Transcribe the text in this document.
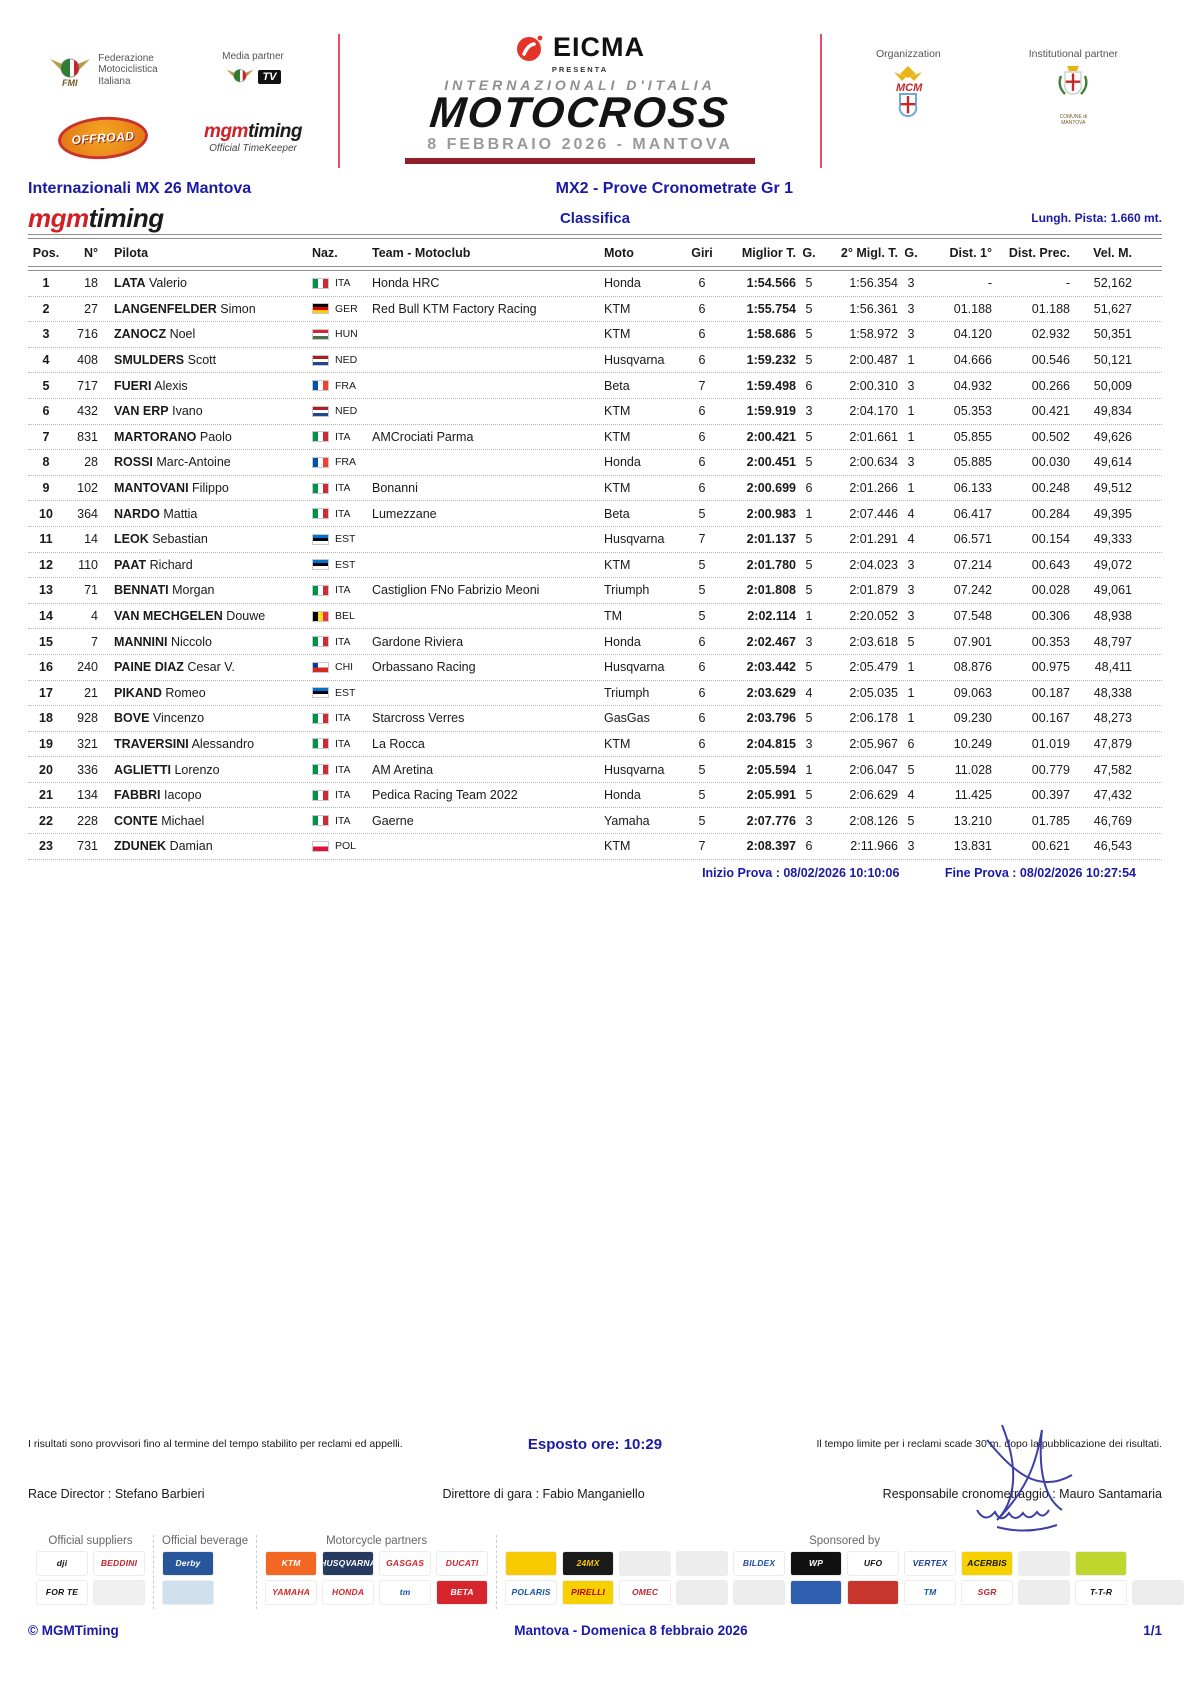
FMI
Federazione
Motociclistica
Italiana
Media partner
TV
OFFROAD	mgmtiming
Official TimeKeeper
EICMA
PRESENTA
INTERNAZIONALI D'ITALIA
MOTOCROSS
8 FEBBRAIO 2026 - MANTOVA
Organizzation
MCM
Institutional partner
COMUNE di
MANTOVA
Internazionali MX 26 Mantova	MX2 - Prove Cronometrate Gr 1
mgmtiming	Classifica	Lungh. Pista: 1.660 mt.
Pos.	N°	Pilota	Naz.	Team - Motoclub	Moto	Giri	Miglior T. G.	2° Migl. T. G.	Dist. 1°	Dist. Prec.	Vel. M.
1	18	LATA Valerio	ITA Honda HRC	Honda	6	1:54.566 5	1:56.354 3	-	-	52,162
2	27	LANGENFELDER Simon	GER Red Bull KTM Factory Racing	KTM	6	1:55.754 5	1:56.361 3	01.188	01.188	51,627
3	716	ZANOCZ Noel	HUN	KTM	6	1:58.686 5	1:58.972 3	04.120	02.932	50,351
4	408	SMULDERS Scott	NED	Husqvarna	6	1:59.232 5	2:00.487 1	04.666	00.546	50,121
5	717	FUERI Alexis	FRA	Beta	7	1:59.498 6	2:00.310 3	04.932	00.266	50,009
6	432	VAN ERP Ivano	NED	KTM	6	1:59.919 3	2:04.170 1	05.353	00.421	49,834
7	831	MARTORANO Paolo	ITA AMCrociati Parma	KTM	6	2:00.421 5	2:01.661 1	05.855	00.502	49,626
8	28	ROSSI Marc-Antoine	FRA	Honda	6	2:00.451 5	2:00.634 3	05.885	00.030	49,614
9	102	MANTOVANI Filippo	ITA Bonanni	KTM	6	2:00.699 6	2:01.266 1	06.133	00.248	49,512
10	364	NARDO Mattia	ITA Lumezzane	Beta	5	2:00.983 1	2:07.446 4	06.417	00.284	49,395
11	14	LEOK Sebastian	EST	Husqvarna	7	2:01.137 5	2:01.291 4	06.571	00.154	49,333
12	110	PAAT Richard	EST	KTM	5	2:01.780 5	2:04.023 3	07.214	00.643	49,072
13	71	BENNATI Morgan	ITA Castiglion FNo Fabrizio Meoni	Triumph	5	2:01.808 5	2:01.879 3	07.242	00.028	49,061
14	4	VAN MECHGELEN Douwe	BEL	TM	5	2:02.114 1	2:20.052 3	07.548	00.306	48,938
15	7	MANNINI Niccolo	ITA Gardone Riviera	Honda	6	2:02.467 3	2:03.618 5	07.901	00.353	48,797
16	240	PAINE DIAZ Cesar V.	CHI Orbassano Racing	Husqvarna	6	2:03.442 5	2:05.479 1	08.876	00.975	48,411
17	21	PIKAND Romeo	EST	Triumph	6	2:03.629 4	2:05.035 1	09.063	00.187	48,338
18	928	BOVE Vincenzo	ITA Starcross Verres	GasGas	6	2:03.796 5	2:06.178 1	09.230	00.167	48,273
19	321	TRAVERSINI Alessandro	ITA La Rocca	KTM	6	2:04.815 3	2:05.967 6	10.249	01.019	47,879
20	336	AGLIETTI Lorenzo	ITA AM Aretina	Husqvarna	5	2:05.594 1	2:06.047 5	11.028	00.779	47,582
21	134	FABBRI Iacopo	ITA Pedica Racing Team 2022	Honda	5	2:05.991 5	2:06.629 4	11.425	00.397	47,432
22	228	CONTE Michael	ITA Gaerne	Yamaha	5	2:07.776 3	2:08.126 5	13.210	01.785	46,769
23	731	ZDUNEK Damian	POL	KTM	7	2:08.397 6	2:11.966 3	13.831	00.621	46,543
Inizio Prova : 08/02/2026 10:10:06	Fine Prova : 08/02/2026 10:27:54
I risultati sono provvisori fino al termine del tempo stabilito per reclami ed appelli.	Esposto ore: 10:29	Il tempo limite per i reclami scade 30 m. dopo la pubblicazione dei risultati.
Race Director : Stefano Barbieri	Direttore di gara : Fabio Manganiello	Responsabile cronometraggio : Mauro Santamaria
Official suppliers
dji	BEDDINI
FOR TE
Official beverage
Derby
Motorcycle partners
KTM	HUSQVARNA	GASGAS	DUCATI
YAMAHA	HONDA	tm	BETA
Sponsored by
24MX	BILDEX	WP	UFO	VERTEX	ACERBIS
POLARIS	PIRELLI	OMEC	TM	SGR	T-T-R
© MGMTiming	Mantova - Domenica 8 febbraio 2026	1/1
